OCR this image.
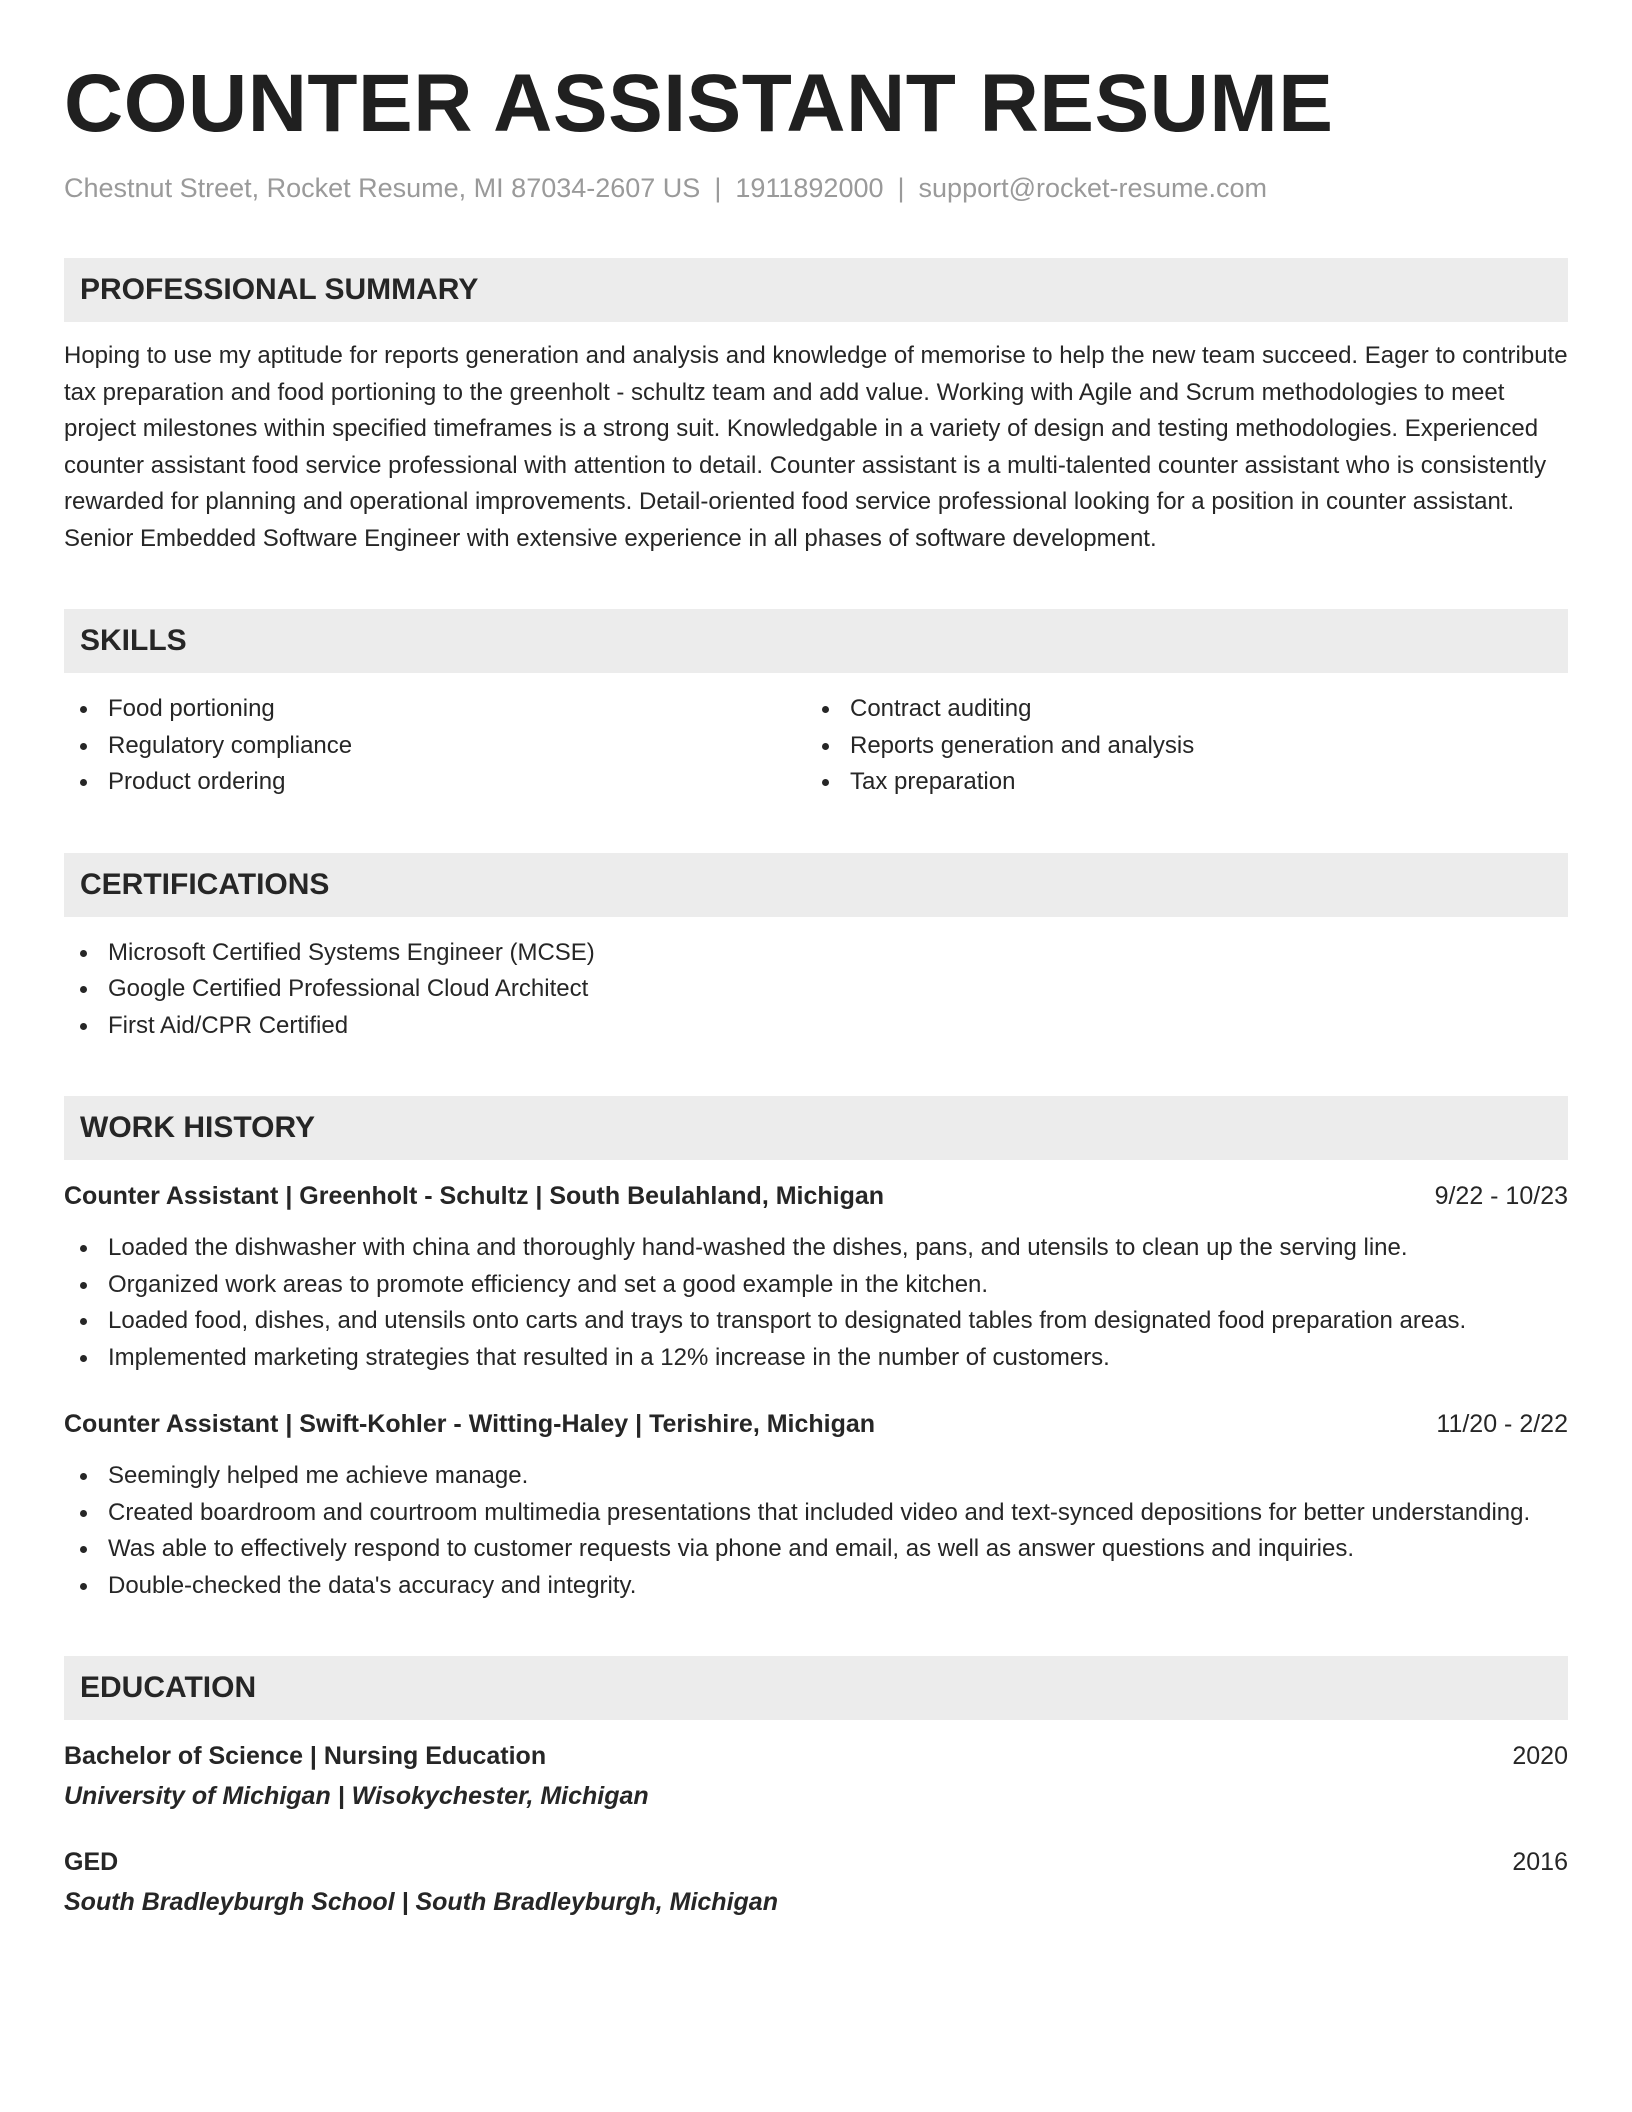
COUNTER ASSISTANT RESUME
Chestnut Street, Rocket Resume, MI 87034-2607 US | 1911892000 | support@rocket-resume.com
PROFESSIONAL SUMMARY

Hoping to use my aptitude for reports generation and analysis and knowledge of memorise to help the new team succeed. Eager to contribute tax preparation and food portioning to the greenholt - schultz team and add value. Working with Agile and Scrum methodologies to meet project milestones within specified timeframes is a strong suit. Knowledgable in a variety of design and testing methodologies. Experienced counter assistant food service professional with attention to detail. Counter assistant is a multi-talented counter assistant who is consistently rewarded for planning and operational improvements. Detail-oriented food service professional looking for a position in counter assistant. Senior Embedded Software Engineer with extensive experience in all phases of software development.

SKILLS
Food portioning
Regulatory compliance
Product ordering
Contract auditing
Reports generation and analysis
Tax preparation
CERTIFICATIONS
Microsoft Certified Systems Engineer (MCSE)
Google Certified Professional Cloud Architect
First Aid/CPR Certified
WORK HISTORY
Counter Assistant | Greenholt - Schultz | South Beulahland, Michigan	9/22 - 10/23
Loaded the dishwasher with china and thoroughly hand-washed the dishes, pans, and utensils to clean up the serving line.
Organized work areas to promote efficiency and set a good example in the kitchen.
Loaded food, dishes, and utensils onto carts and trays to transport to designated tables from designated food preparation areas.
Implemented marketing strategies that resulted in a 12% increase in the number of customers.
Counter Assistant | Swift-Kohler - Witting-Haley | Terishire, Michigan	11/20 - 2/22
Seemingly helped me achieve manage.
Created boardroom and courtroom multimedia presentations that included video and text-synced depositions for better understanding.
Was able to effectively respond to customer requests via phone and email, as well as answer questions and inquiries.
Double-checked the data's accuracy and integrity.
EDUCATION
Bachelor of Science | Nursing Education	2020
University of Michigan | Wisokychester, Michigan
GED	2016
South Bradleyburgh School | South Bradleyburgh, Michigan
